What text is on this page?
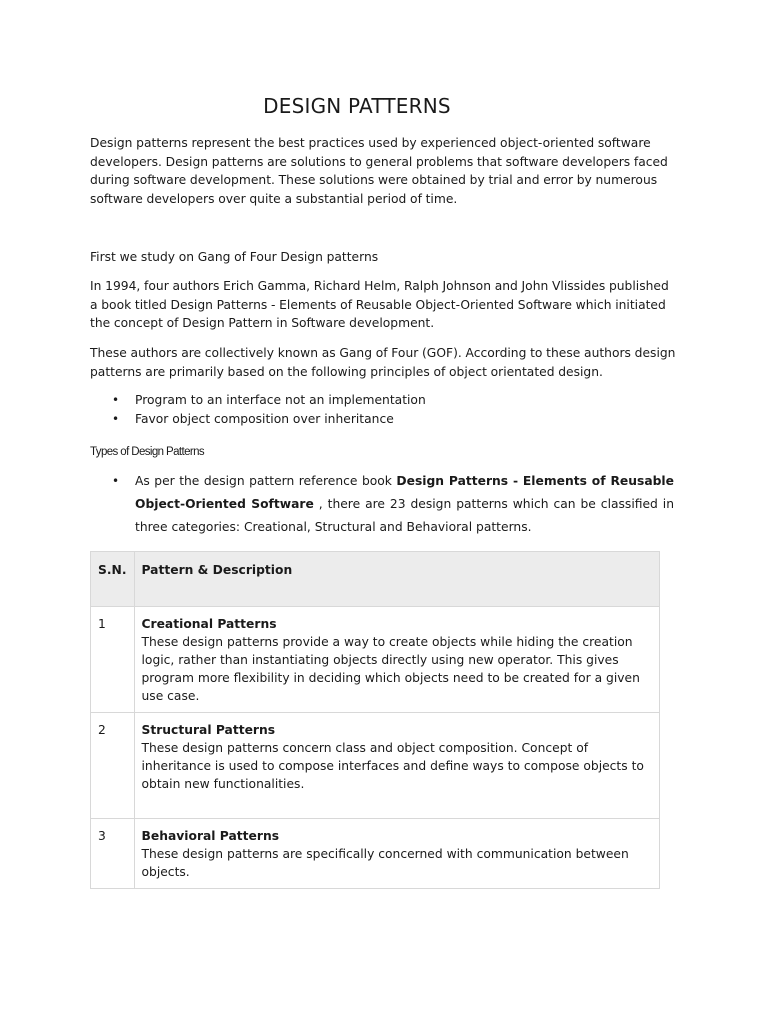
DESIGN PATTERNS

Design patterns represent the best practices used by experienced object-oriented software developers. Design patterns are solutions to general problems that software developers faced during software development. These solutions were obtained by trial and error by numerous software developers over quite a substantial period of time.

First we study on Gang of Four Design patterns

In 1994, four authors Erich Gamma, Richard Helm, Ralph Johnson and John Vlissides published a book titled Design Patterns - Elements of Reusable Object-Oriented Software which initiated the concept of Design Pattern in Software development.

These authors are collectively known as Gang of Four (GOF). According to these authors design patterns are primarily based on the following principles of object orientated design.

• Program to an interface not an implementation
• Favor object composition over inheritance
Types of Design Patterns
• As per the design pattern reference book Design Patterns - Elements of Reusable Object-Oriented Software , there are 23 design patterns which can be classified in three categories: Creational, Structural and Behavioral patterns.
S.N.	Pattern & Description
1	Creational Patterns
These design patterns provide a way to create objects while hiding the creation logic, rather than instantiating objects directly using new operator. This gives program more flexibility in deciding which objects need to be created for a given use case.

2	Structural Patterns
These design patterns concern class and object composition. Concept of inheritance is used to compose interfaces and define ways to compose objects to obtain new functionalities.

3	Behavioral Patterns
These design patterns are specifically concerned with communication between objects.
